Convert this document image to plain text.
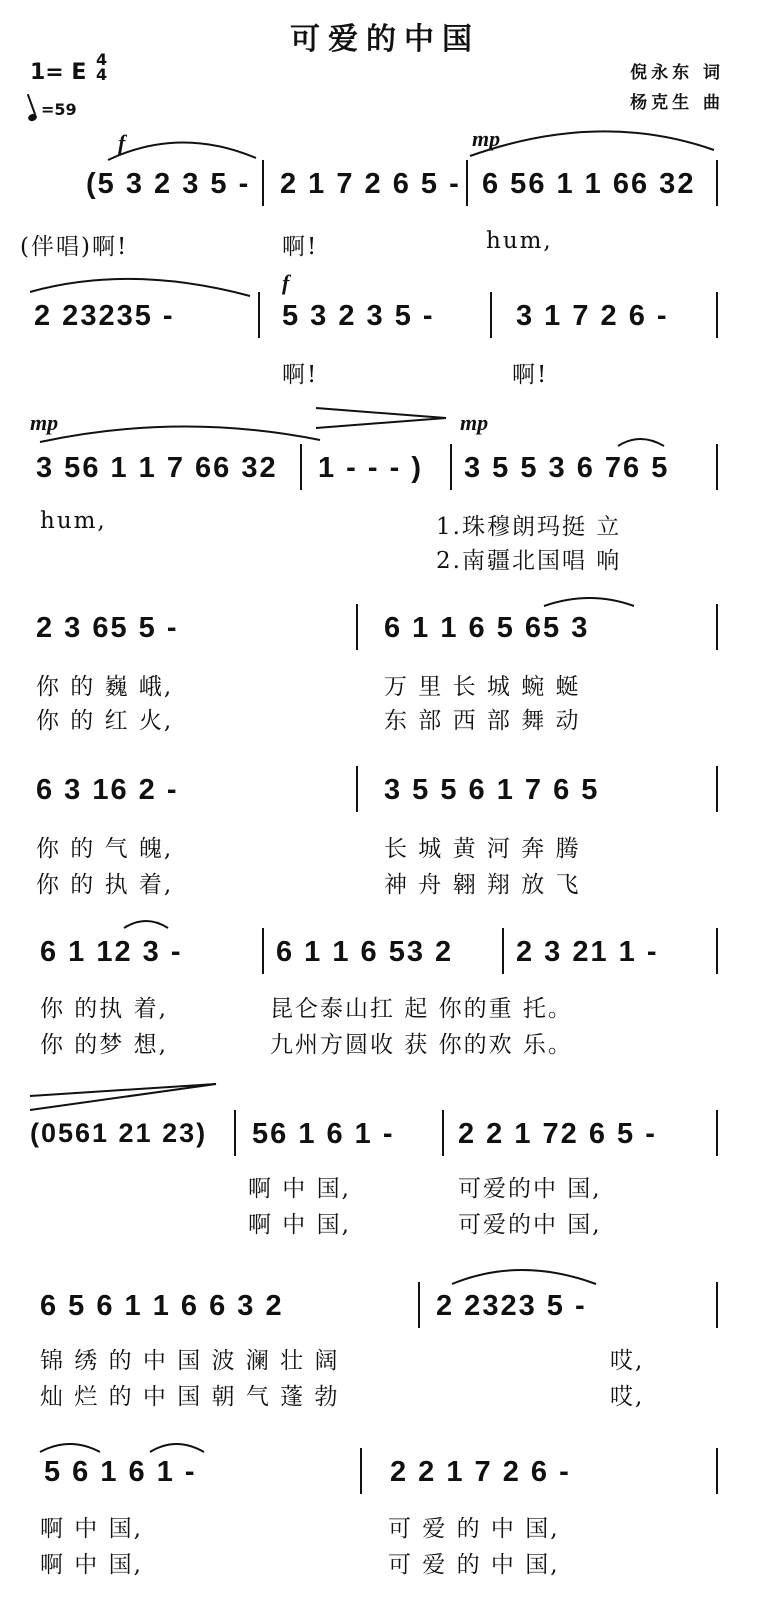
可爱的中国
倪永东 词
杨克生 曲
1= E
4
4
=59
f	mp
f
mp	mp
(5 3 2 3 5 - 2 1 7 2 6 5 - 6 56 1 1 66 32
(伴唱)啊!	啊!	hum,
2 23235 -	5 3 2 3 5 -	3 1 7 2 6 -
啊!	啊!
3 56 1 1 7 66 32 1 - - - ) 3 5 5 3 6 76 5
hum,	1.珠穆朗玛挺 立
2.南疆北国唱 响
2 3 65 5 -	6 1 1 6 5 65 3
你 的 巍 峨,	万 里 长 城 蜿 蜒
你 的 红 火,	东 部 西 部 舞 动
6 3 16 2 -	3 5 5 6 1 7 6 5
你 的 气 魄,	长 城 黄 河 奔 腾
你 的 执 着,	神 舟 翱 翔 放 飞
6 1 12 3 -	6 1 1 6 53 2 2 3 21 1 -
你 的执 着,	昆仑泰山扛 起 你的重 托。
你 的梦 想,	九州方圆收 获 你的欢 乐。
(0561 21 23) 56 1 6 1 - 2 2 1 72 6 5 -
啊 中 国,	可爱的中 国,
啊 中 国,	可爱的中 国,
6 5 6 1 1 6 6 3 2	2 2323 5 -
锦 绣 的 中 国 波 澜 壮 阔	哎,
灿 烂 的 中 国 朝 气 蓬 勃	哎,
5 6 1 6 1 -	2 2 1 7 2 6 -
啊 中 国,	可 爱 的 中 国,
啊 中 国,	可 爱 的 中 国,
